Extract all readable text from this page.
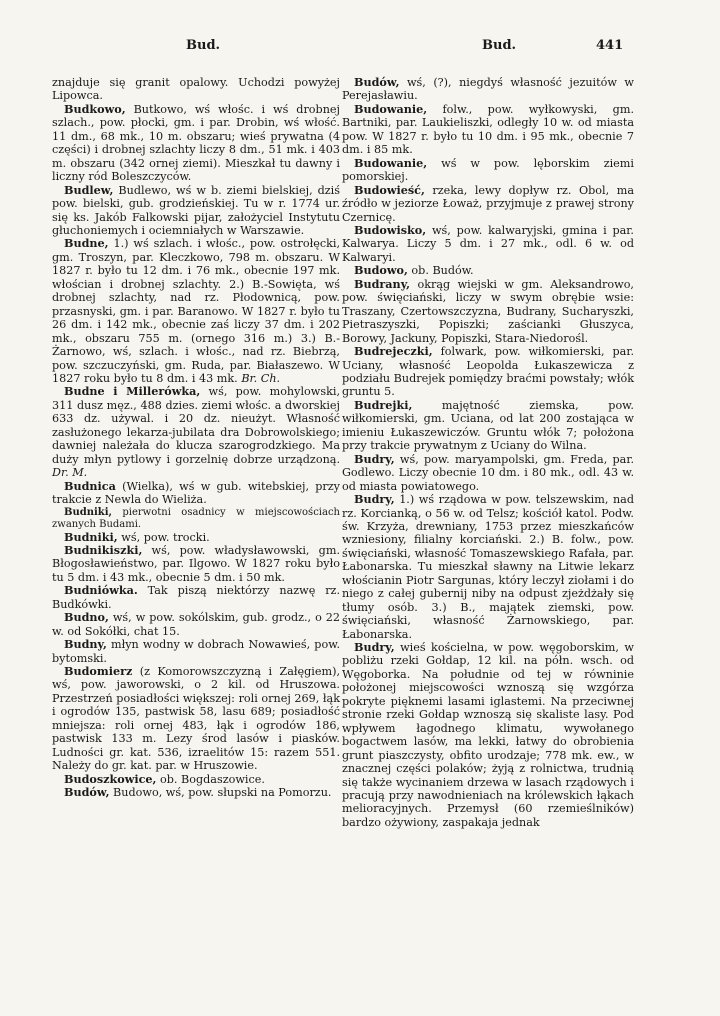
Bud.	Bud.	441

znajduje się granit opalowy. Uchodzi powyżej Lipowca.

Budkowo, Butkowo, wś włośc. i wś drobnej szlach., pow. płocki, gm. i par. Drobin, wś włość. 11 dm., 68 mk., 10 m. obszaru; wieś prywatna (4 części) i drobnej szlachty liczy 8 dm., 51 mk. i 403 m. obszaru (342 ornej ziemi). Mieszkał tu dawny i liczny ród Boleszczyców.

Budlew, Budlewo, wś w b. ziemi bielskiej, dziś pow. bielski, gub. grodzieńskiej. Tu w r. 1774 ur. się ks. Jakób Falkowski pijar, założyciel Instytutu głuchoniemych i ociemniałych w Warszawie.

Budne, 1.) wś szlach. i włośc., pow. ostrołęcki, gm. Troszyn, par. Kleczkowo, 798 m. obszaru. W 1827 r. było tu 12 dm. i 76 mk., obecnie 197 mk. włościan i drobnej szlachty. 2.) B.-Sowięta, wś drobnej szlachty, nad rz. Płodownicą, pow. przasnyski, gm. i par. Baranowo. W 1827 r. było tu 26 dm. i 142 mk., obecnie zaś liczy 37 dm. i 202 mk., obszaru 755 m. (ornego 316 m.) 3.) B.-Żarnowo, wś, szlach. i włośc., nad rz. Biebrzą, pow. szczuczyński, gm. Ruda, par. Białaszewo. W 1827 roku było tu 8 dm. i 43 mk. Br. Ch.

Budne i Millerówka, wś, pow. mohylowski, 311 dusz męz., 488 dzies. ziemi włośc. a dworskiej 633 dz. używal. i 20 dz. nieużyt. Własność zasłużonego lekarza-jubilata dra Dobrowolskiego; dawniej należała do klucza szarogrodzkiego. Ma duży młyn pytlowy i gorzelnię dobrze urządzoną. Dr. M.

Budnica (Wielka), wś w gub. witebskiej, przy trakcie z Newla do Wieliża.

Budniki, pierwotni osadnicy w miejscowościach zwanych Budami.

Budniki, wś, pow. trocki.

Budnikiszki, wś, pow. władysławowski, gm. Błogosławieństwo, par. Ilgowo. W 1827 roku było tu 5 dm. i 43 mk., obecnie 5 dm. i 50 mk.

Budniówka. Tak piszą niektórzy nazwę rz. Budkówki.

Budno, wś, w pow. sokólskim, gub. grodz., o 22 w. od Sokółki, chat 15.

Budny, młyn wodny w dobrach Nowawieś, pow. bytomski.

Budomierz (z Komorowszczyzną i Załęgiem), wś, pow. jaworowski, o 2 kil. od Hruszowa. Przestrzeń posiadłości większej: roli ornej 269, łąk i ogrodów 135, pastwisk 58, lasu 689; posiadłość mniejsza: roli ornej 483, łąk i ogrodów 186, pastwisk 133 m. Lezy środ lasów i piasków. Ludności gr. kat. 536, izraelitów 15: razem 551. Należy do gr. kat. par. w Hruszowie.

Budoszkowice, ob. Bogdaszowice.

Budów, Budowo, wś, pow. słupski na Pomorzu.

Budów, wś, (?), niegdyś własność jezuitów w Perejasławiu.

Budowanie, folw., pow. wyłkowyski, gm. Bartniki, par. Laukieliszki, odległy 10 w. od miasta pow. W 1827 r. było tu 10 dm. i 95 mk., obecnie 7 dm. i 85 mk.

Budowanie, wś w pow. lęborskim ziemi pomorskiej.

Budowieść, rzeka, lewy dopływ rz. Obol, ma źródło w jeziorze Łoważ, przyjmuje z prawej strony Czernicę.

Budowisko, wś, pow. kalwaryjski, gmina i par. Kalwarya. Liczy 5 dm. i 27 mk., odl. 6 w. od Kalwaryi.

Budowo, ob. Budów.

Budrany, okrąg wiejski w gm. Aleksandrowo, pow. święciański, liczy w swym obrębie wsie: Traszany, Czertowszczyzna, Budrany, Sucharyszki, Pietraszyszki, Popiszki; zaścianki Głuszyca, Borowy, Jackuny, Popiszki, Stara-Niedorośl.

Budrejeczki, folwark, pow. wiłkomierski, par. Uciany, własność Leopolda Łukaszewicza z podziału Budrejek pomiędzy braćmi powstały; włók gruntu 5.

Budrejki, majętność ziemska, pow. wiłkomierski, gm. Uciana, od lat 200 zostająca w imieniu Łukaszewiczów. Gruntu włók 7; położona przy trakcie prywatnym z Uciany do Wilna.

Budry, wś, pow. maryampolski, gm. Freda, par. Godlewo. Liczy obecnie 10 dm. i 80 mk., odl. 43 w. od miasta powiatowego.

Budry, 1.) wś rządowa w pow. telszewskim, nad rz. Korcianką, o 56 w. od Telsz; kościół katol. Podw. św. Krzyża, drewniany, 1753 przez mieszkańców wzniesiony, filialny korciański. 2.) B. folw., pow. święciański, własność Tomaszewskiego Rafała, par. Łabonarska. Tu mieszkał sławny na Litwie lekarz włościanin Piotr Sargunas, który leczył ziołami i do niego z całej gubernij niby na odpust zjeżdżały się tłumy osób. 3.) B., majątek ziemski, pow. święciański, własność Żarnowskiego, par. Łabonarska.

Budry, wieś kościelna, w pow. węgoborskim, w pobliżu rzeki Gołdap, 12 kil. na półn. wsch. od Węgoborka. Na południe od tej w równinie położonej miejscowości wznoszą się wzgórza pokryte pięknemi lasami iglastemi. Na przeciwnej stronie rzeki Gołdap wznoszą się skaliste lasy. Pod wpływem łagodnego klimatu, wywołanego bogactwem lasów, ma lekki, łatwy do obrobienia grunt piaszczysty, obfito urodzaje; 778 mk. ew., w znacznej części polaków; żyją z rolnictwa, trudnią się także wycinaniem drzewa w lasach rządowych i pracują przy nawodnieniach na królewskich łąkach melioracyjnych. Przemysł (60 rzemieślników) bardzo ożywiony, zaspakaja jednak
